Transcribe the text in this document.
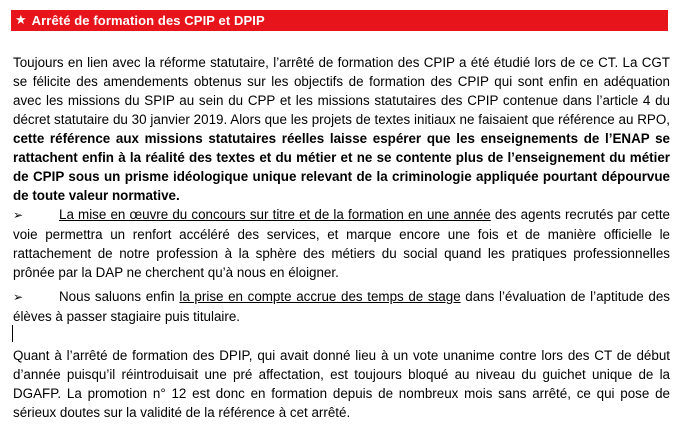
★ Arrêté de formation des CPIP et DPIP

Toujours en lien avec la réforme statutaire, l’arrêté de formation des CPIP a été étudié lors de ce CT. La CGT se félicite des amendements obtenus sur les objectifs de formation des CPIP qui sont enfin en adéquation avec les missions du SPIP au sein du CPP et les missions statutaires des CPIP contenue dans l’article 4 du décret statutaire du 30 janvier 2019. Alors que les projets de textes initiaux ne faisaient que référence au RPO, cette référence aux missions statutaires réelles laisse espérer que les enseignements de l’ENAP se rattachent enfin à la réalité des textes et du métier et ne se contente plus de l’enseignement du métier de CPIP sous un prisme idéologique unique relevant de la criminologie appliquée pourtant dépourvue de toute valeur normative.

➢	La mise en œuvre du concours sur titre et de la formation en une année des agents recrutés par cette voie permettra un renfort accéléré des services, et marque encore une fois et de manière officielle le rattachement de notre profession à la sphère des métiers du social quand les pratiques professionnelles prônée par la DAP ne cherchent qu’à nous en éloigner.

➢	Nous saluons enfin la prise en compte accrue des temps de stage dans l’évaluation de l’aptitude des élèves à passer stagiaire puis titulaire.

Quant à l’arrêté de formation des DPIP, qui avait donné lieu à un vote unanime contre lors des CT de début d’année puisqu’il réintroduisait une pré affectation, est toujours bloqué au niveau du guichet unique de la DGAFP. La promotion n° 12 est donc en formation depuis de nombreux mois sans arrêté, ce qui pose de sérieux doutes sur la validité de la référence à cet arrêté.
